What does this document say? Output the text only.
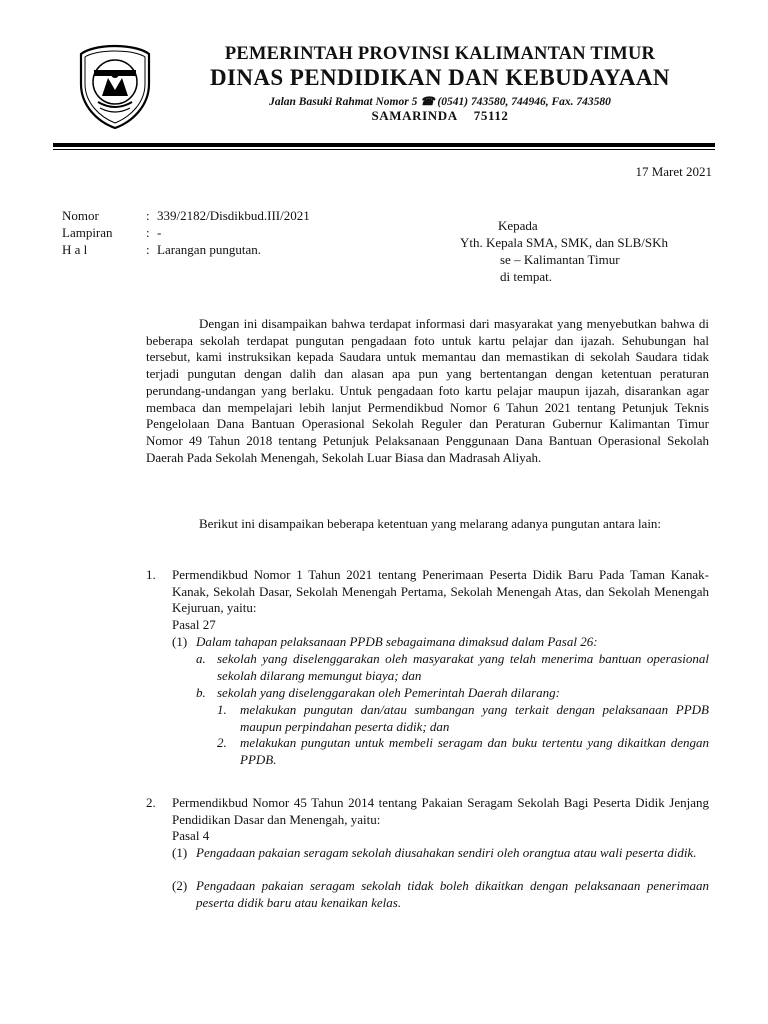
PEMERINTAH PROVINSI KALIMANTAN TIMUR
DINAS PENDIDIKAN DAN KEBUDAYAAN
Jalan Basuki Rahmat Nomor 5 ☎ (0541) 743580, 744946, Fax. 743580
SAMARINDA 75112
17 Maret 2021
Nomor	: 339/2182/Disdikbud.III/2021
Lampiran	: -
H a l	: Larangan pungutan.
Kepada
Yth. Kepala SMA, SMK, dan SLB/SKh
se – Kalimantan Timur
di tempat.
Dengan ini disampaikan bahwa terdapat informasi dari masyarakat yang menyebutkan bahwa di beberapa sekolah terdapat pungutan pengadaan foto untuk kartu pelajar dan ijazah. Sehubungan hal tersebut, kami instruksikan kepada Saudara untuk memantau dan memastikan di sekolah Saudara tidak terjadi pungutan dengan dalih dan alasan apa pun yang bertentangan dengan ketentuan peraturan perundang-undangan yang berlaku. Untuk pengadaan foto kartu pelajar maupun ijazah, disarankan agar membaca dan mempelajari lebih lanjut Permendikbud Nomor 6 Tahun 2021 tentang Petunjuk Teknis Pengelolaan Dana Bantuan Operasional Sekolah Reguler dan Peraturan Gubernur Kalimantan Timur Nomor 49 Tahun 2018 tentang Petunjuk Pelaksanaan Penggunaan Dana Bantuan Operasional Sekolah Daerah Pada Sekolah Menengah, Sekolah Luar Biasa dan Madrasah Aliyah.
Berikut ini disampaikan beberapa ketentuan yang melarang adanya pungutan antara lain:
1. Permendikbud Nomor 1 Tahun 2021 tentang Penerimaan Peserta Didik Baru Pada Taman Kanak-Kanak, Sekolah Dasar, Sekolah Menengah Pertama, Sekolah Menengah Atas, dan Sekolah Menengah Kejuruan, yaitu:
Pasal 27
(1) Dalam tahapan pelaksanaan PPDB sebagaimana dimaksud dalam Pasal 26:
a. sekolah yang diselenggarakan oleh masyarakat yang telah menerima bantuan operasional sekolah dilarang memungut biaya; dan
b. sekolah yang diselenggarakan oleh Pemerintah Daerah dilarang:
1. melakukan pungutan dan/atau sumbangan yang terkait dengan pelaksanaan PPDB maupun perpindahan peserta didik; dan
2. melakukan pungutan untuk membeli seragam dan buku tertentu yang dikaitkan dengan PPDB.
2. Permendikbud Nomor 45 Tahun 2014 tentang Pakaian Seragam Sekolah Bagi Peserta Didik Jenjang Pendidikan Dasar dan Menengah, yaitu:
Pasal 4
(1) Pengadaan pakaian seragam sekolah diusahakan sendiri oleh orangtua atau wali peserta didik.
(2) Pengadaan pakaian seragam sekolah tidak boleh dikaitkan dengan pelaksanaan penerimaan peserta didik baru atau kenaikan kelas.
